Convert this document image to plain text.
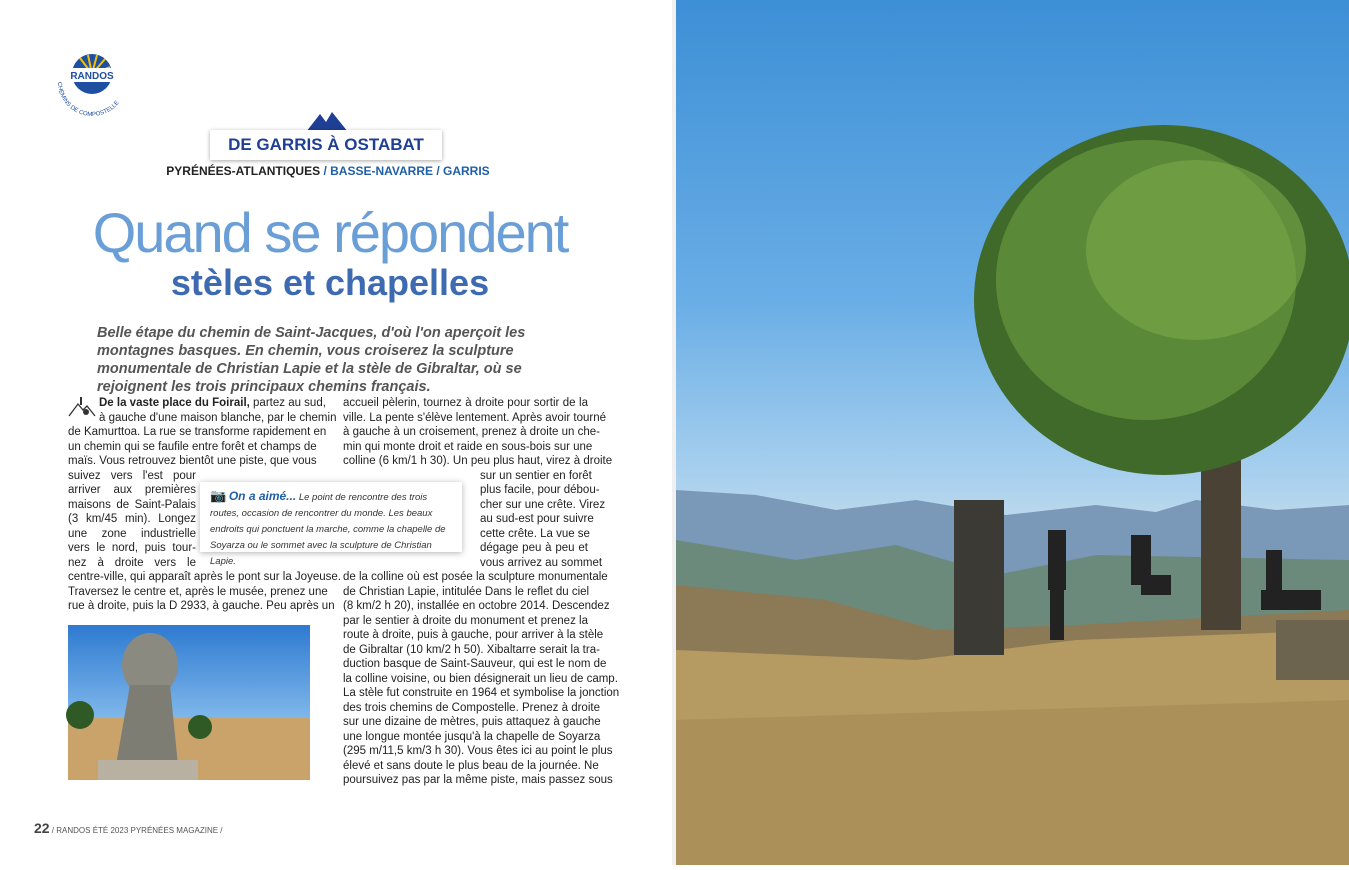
RANDOS
CHEMINS DE COMPOSTELLE
DE GARRIS À OSTABAT
PYRÉNÉES-ATLANTIQUES / BASSE-NAVARRE / GARRIS
Quand se répondent
stèles et chapelles
Belle étape du chemin de Saint-Jacques, d'où l'on aperçoit les montagnes basques. En chemin, vous croiserez la sculpture monumentale de Christian Lapie et la stèle de Gibraltar, où se rejoignent les trois principaux chemins français.
De la vaste place du Foirail, partez au sud,
à gauche d'une maison blanche, par le chemin
de Kamurttoa. La rue se transforme rapidement en
un chemin qui se faufile entre forêt et champs de
maïs. Vous retrouvez bientôt une piste, que vous
suivez vers l'est pour
arriver aux premières
maisons de Saint-Palais
(3 km/45 min). Longez
une zone industrielle
vers le nord, puis tour-
nez à droite vers le
centre-ville, qui apparaît après le pont sur la Joyeuse.
Traversez le centre et, après le musée, prenez une
rue à droite, puis la D 2933, à gauche. Peu après un
accueil pèlerin, tournez à droite pour sortir de la
ville. La pente s'élève lentement. Après avoir tourné
à gauche à un croisement, prenez à droite un che-
min qui monte droit et raide en sous-bois sur une
colline (6 km/1 h 30). Un peu plus haut, virez à droite
sur un sentier en forêt
plus facile, pour débou-
cher sur une crête. Virez
au sud-est pour suivre
cette crête. La vue se
dégage peu à peu et
vous arrivez au sommet
de la colline où est posée la sculpture monumentale
de Christian Lapie, intitulée Dans le reflet du ciel
(8 km/2 h 20), installée en octobre 2014. Descendez
par le sentier à droite du monument et prenez la
route à droite, puis à gauche, pour arriver à la stèle
de Gibraltar (10 km/2 h 50). Xibaltarre serait la tra-
duction basque de Saint-Sauveur, qui est le nom de
la colline voisine, ou bien désignerait un lieu de camp.
La stèle fut construite en 1964 et symbolise la jonction
des trois chemins de Compostelle. Prenez à droite
sur une dizaine de mètres, puis attaquez à gauche
une longue montée jusqu'à la chapelle de Soyarza
(295 m/11,5 km/3 h 30). Vous êtes ici au point le plus
élevé et sans doute le plus beau de la journée. Ne
poursuivez pas par la même piste, mais passez sous
📷 On a aimé... Le point de rencontre des trois routes, occasion de rencontrer du monde. Les beaux endroits qui ponctuent la marche, comme la chapelle de Soyarza ou le sommet avec la sculpture de Christian Lapie.
22 / RANDOS ÉTÉ 2023 PYRÉNÉES MAGAZINE /
